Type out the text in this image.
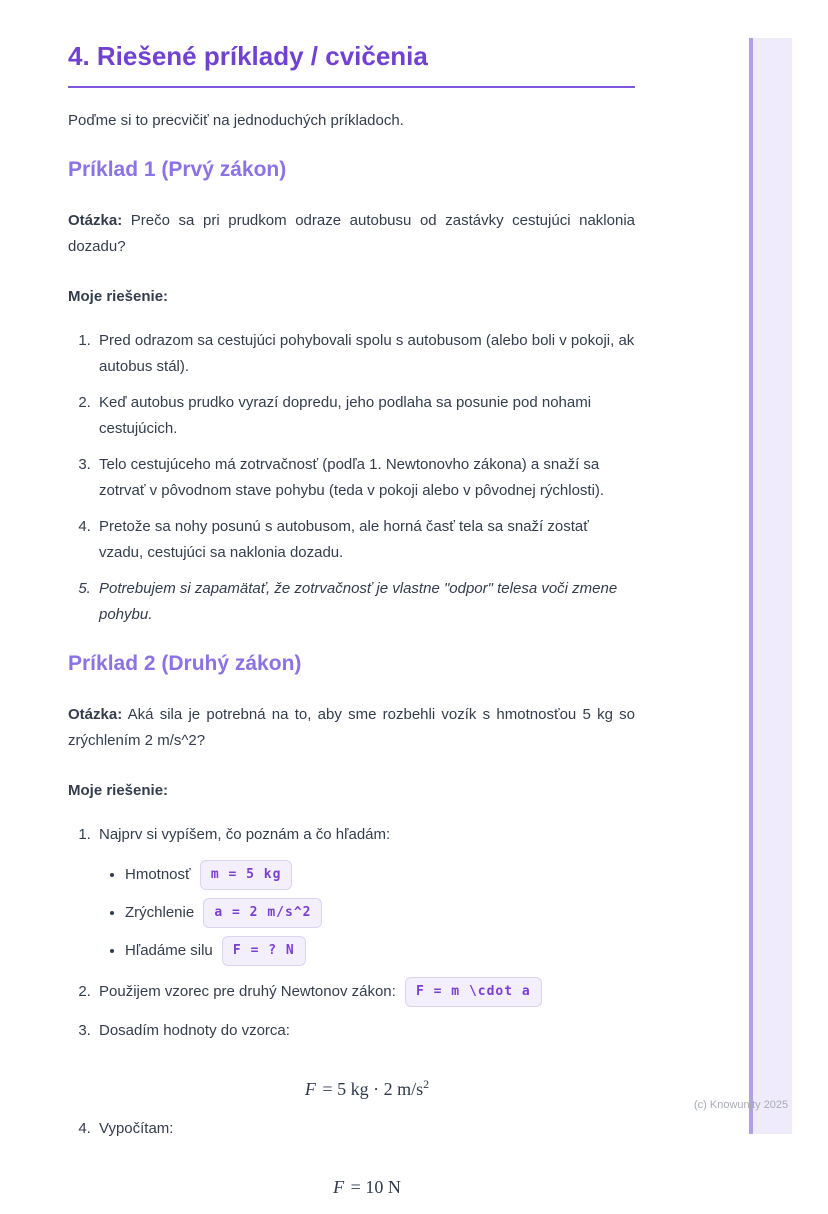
4. Riešené príklady / cvičenia

Poďme si to precvičiť na jednoduchých príkladoch.

Príklad 1 (Prvý zákon)

Otázka: Prečo sa pri prudkom odraze autobusu od zastávky cestujúci naklonia dozadu?

Moje riešenie:

1. Pred odrazom sa cestujúci pohybovali spolu s autobusom (alebo boli v pokoji, ak autobus stál).
2. Keď autobus prudko vyrazí dopredu, jeho podlaha sa posunie pod nohami cestujúcich.
3. Telo cestujúceho má zotrvačnosť (podľa 1. Newtonovho zákona) a snaží sa zotrvať v pôvodnom stave pohybu (teda v pokoji alebo v pôvodnej rýchlosti).
4. Pretože sa nohy posunú s autobusom, ale horná časť tela sa snaží zostať vzadu, cestujúci sa naklonia dozadu.
5. Potrebujem si zapamätať, že zotrvačnosť je vlastne "odpor" telesa voči zmene pohybu.
Príklad 2 (Druhý zákon)

Otázka: Aká sila je potrebná na to, aby sme rozbehli vozík s hmotnosťou 5 kg so zrýchlením 2 m/s^2?

Moje riešenie:

1. Najprv si vypíšem, čo poznám a čo hľadám:
• Hmotnosť m = 5 kg
• Zrýchlenie a = 2 m/s^2
• Hľadáme silu F = ? N
2. Použijem vzorec pre druhý Newtonov zákon: F = m \cdot a
3. Dosadím hodnoty do vzorca:
F = 5 kg · 2 $m/s^2$
4. Vypočítam:
F = 10 N
(c) Knowunity 2025
